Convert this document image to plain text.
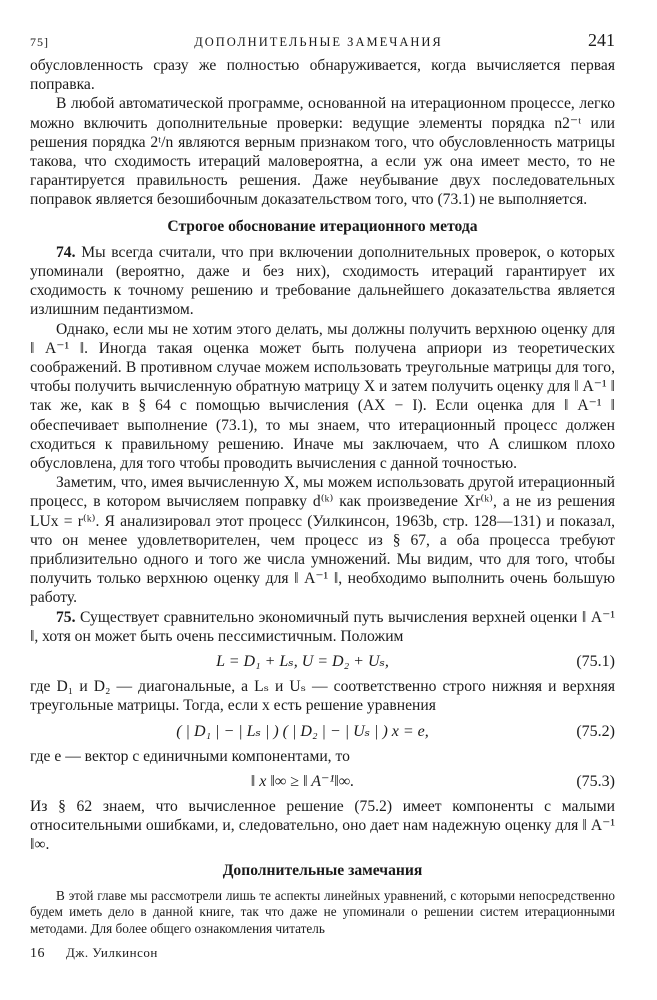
75]	ДОПОЛНИТЕЛЬНЫЕ ЗАМЕЧАНИЯ	241

обусловленность сразу же полностью обнаруживается, когда вычисляется первая поправка.

В любой автоматической программе, основанной на итерационном процессе, легко можно включить дополнительные проверки: ведущие элементы порядка n2⁻ᵗ или решения порядка 2ᵗ/n являются верным признаком того, что обусловленность матрицы такова, что сходимость итераций маловероятна, а если уж она имеет место, то не гарантируется правильность решения. Даже неубывание двух последовательных поправок является безошибочным доказательством того, что (73.1) не выполняется.

Строгое обоснование итерационного метода

74. Мы всегда считали, что при включении дополнительных проверок, о которых упоминали (вероятно, даже и без них), сходимость итераций гарантирует их сходимость к точному решению и требование дальнейшего доказательства является излишним педантизмом.

Однако, если мы не хотим этого делать, мы должны получить верхнюю оценку для ‖ A⁻¹ ‖. Иногда такая оценка может быть получена априори из теоретических соображений. В противном случае можем использовать треугольные матрицы для того, чтобы получить вычисленную обратную матрицу X и затем получить оценку для ‖ A⁻¹ ‖ так же, как в § 64 с помощью вычисления (AX − I). Если оценка для ‖ A⁻¹ ‖ обеспечивает выполнение (73.1), то мы знаем, что итерационный процесс должен сходиться к правильному решению. Иначе мы заключаем, что A слишком плохо обусловлена, для того чтобы проводить вычисления с данной точностью.

Заметим, что, имея вычисленную X, мы можем использовать другой итерационный процесс, в котором вычисляем поправку d⁽ᵏ⁾ как произведение Xr⁽ᵏ⁾, а не из решения LUx = r⁽ᵏ⁾. Я анализировал этот процесс (Уилкинсон, 1963b, стр. 128—131) и показал, что он менее удовлетворителен, чем процесс из § 67, а оба процесса требуют приблизительно одного и того же числа умножений. Мы видим, что для того, чтобы получить только верхнюю оценку для ‖ A⁻¹ ‖, необходимо выполнить очень большую работу.

75. Существует сравнительно экономичный путь вычисления верхней оценки ‖ A⁻¹ ‖, хотя он может быть очень пессимистичным. Положим

L = D₁ + Lₛ, U = D₂ + Uₛ,	(75.1)

где D₁ и D₂ — диагональные, а Lₛ и Uₛ — соответственно строго нижняя и верхняя треугольные матрицы. Тогда, если x есть решение уравнения

( | D₁ | − | Lₛ | ) ( | D₂ | − | Uₛ | ) x = e,	(75.2)

где e — вектор с единичными компонентами, то

‖ x ‖∞ ≥ ‖ A⁻¹‖∞.	(75.3)

Из § 62 знаем, что вычисленное решение (75.2) имеет компоненты с малыми относительными ошибками, и, следовательно, оно дает нам надежную оценку для ‖ A⁻¹ ‖∞.

Дополнительные замечания

В этой главе мы рассмотрели лишь те аспекты линейных уравнений, с которыми непосредственно будем иметь дело в данной книге, так что даже не упоминали о решении систем итерационными методами. Для более общего ознакомления читатель

16 Дж. Уилкинсон
